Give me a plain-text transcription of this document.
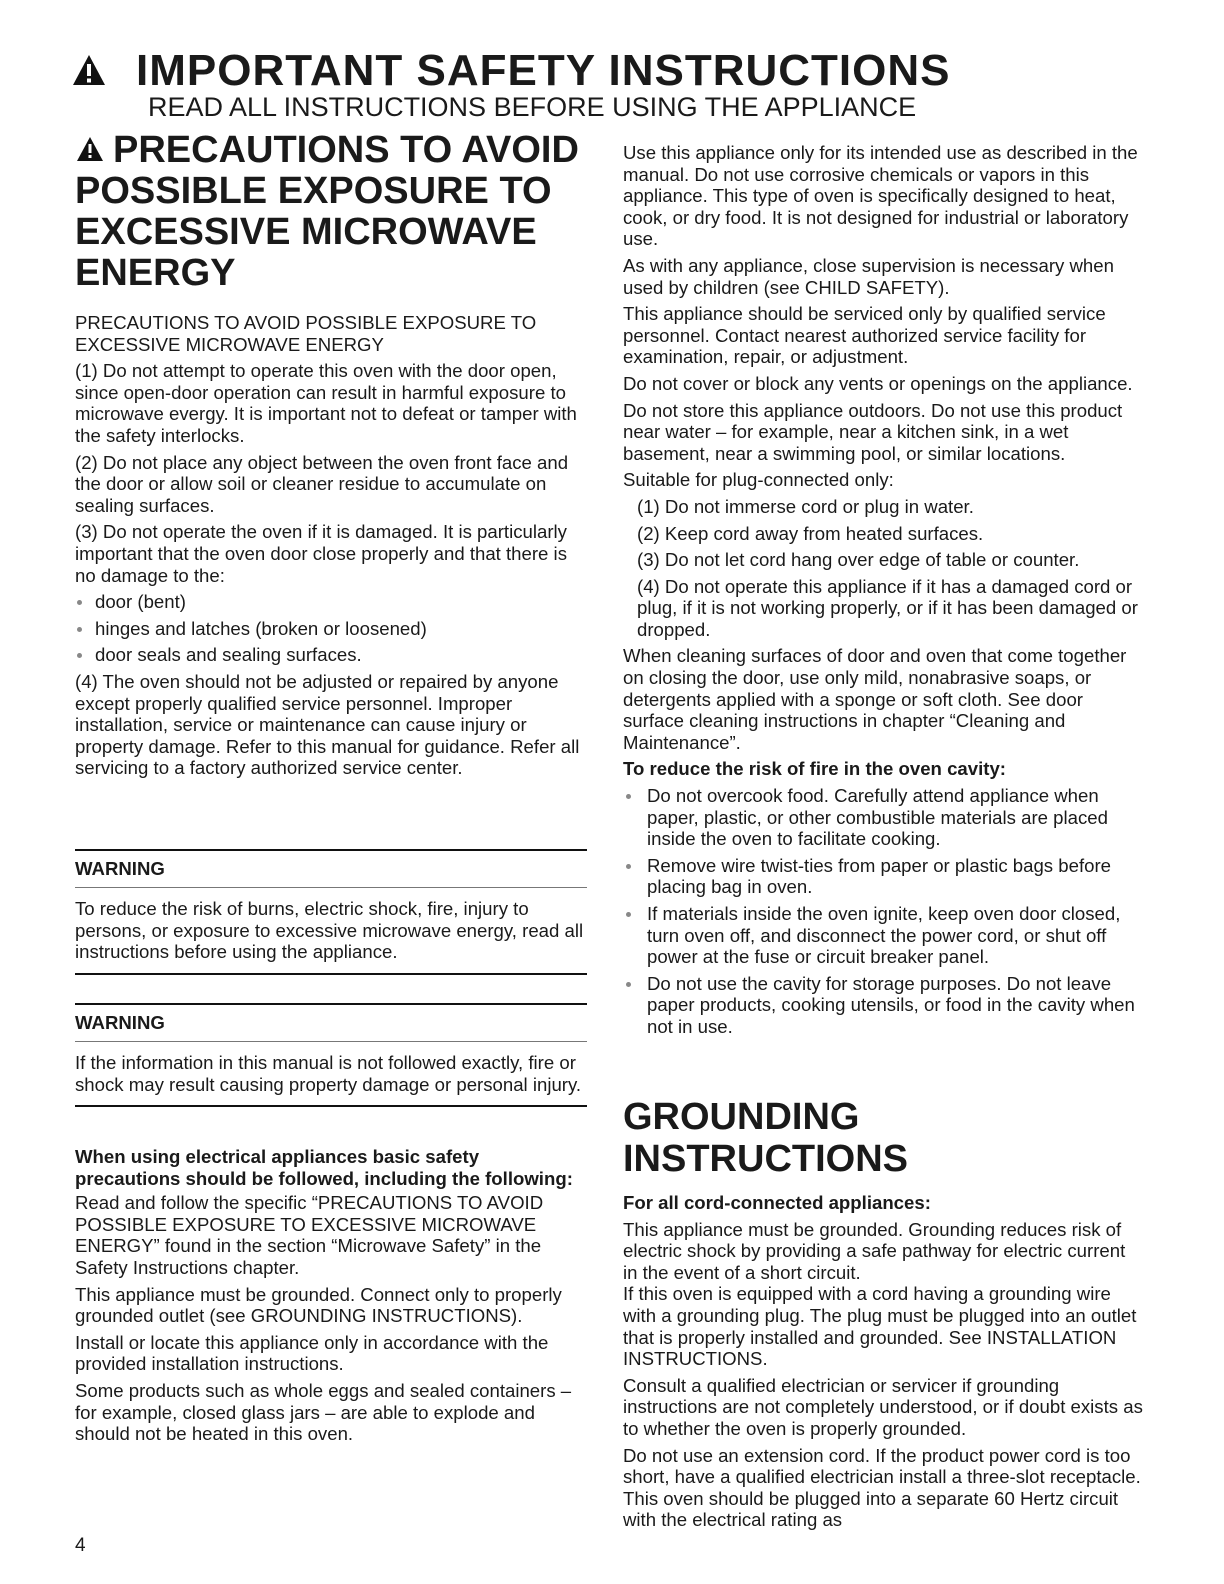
IMPORTANT SAFETY INSTRUCTIONS
READ ALL INSTRUCTIONS BEFORE USING THE APPLIANCE
PRECAUTIONS TO AVOID POSSIBLE EXPOSURE TO EXCESSIVE MICROWAVE ENERGY

PRECAUTIONS TO AVOID POSSIBLE EXPOSURE TO EXCESSIVE MICROWAVE ENERGY

(1) Do not attempt to operate this oven with the door open, since open-door operation can result in harmful exposure to microwave evergy. It is important not to defeat or tamper with the safety interlocks.

(2) Do not place any object between the oven front face and the door or allow soil or cleaner residue to accumulate on sealing surfaces.

(3) Do not operate the oven if it is damaged. It is particularly important that the oven door close properly and that there is no damage to the:

door (bent)
hinges and latches (broken or loosened)
door seals and sealing surfaces.

(4) The oven should not be adjusted or repaired by anyone except properly qualified service personnel. Improper installation, service or maintenance can cause injury or property damage. Refer to this manual for guidance. Refer all servicing to a factory authorized service center.

WARNING
To reduce the risk of burns, electric shock, fire, injury to persons, or exposure to excessive microwave energy, read all instructions before using the appliance.
WARNING
If the information in this manual is not followed exactly, fire or shock may result causing property damage or personal injury.

When using electrical appliances basic safety precautions should be followed, including the following:

Read and follow the specific “PRECAUTIONS TO AVOID POSSIBLE EXPOSURE TO EXCESSIVE MICROWAVE ENERGY” found in the section “Microwave Safety” in the Safety Instructions chapter.

This appliance must be grounded. Connect only to properly grounded outlet (see GROUNDING INSTRUCTIONS).

Install or locate this appliance only in accordance with the provided installation instructions.

Some products such as whole eggs and sealed containers – for example, closed glass jars – are able to explode and should not be heated in this oven.

Use this appliance only for its intended use as described in the manual. Do not use corrosive chemicals or vapors in this appliance. This type of oven is specifically designed to heat, cook, or dry food. It is not designed for industrial or laboratory use.

As with any appliance, close supervision is necessary when used by children (see CHILD SAFETY).

This appliance should be serviced only by qualified service personnel. Contact nearest authorized service facility for examination, repair, or adjustment.

Do not cover or block any vents or openings on the appliance.

Do not store this appliance outdoors. Do not use this product near water – for example, near a kitchen sink, in a wet basement, near a swimming pool, or similar locations.

Suitable for plug-connected only:

(1) Do not immerse cord or plug in water.

(2) Keep cord away from heated surfaces.

(3) Do not let cord hang over edge of table or counter.

(4) Do not operate this appliance if it has a damaged cord or plug, if it is not working properly, or if it has been damaged or dropped.

When cleaning surfaces of door and oven that come together on closing the door, use only mild, nonabrasive soaps, or detergents applied with a sponge or soft cloth. See door surface cleaning instructions in chapter “Cleaning and Maintenance”.

To reduce the risk of fire in the oven cavity:

Do not overcook food. Carefully attend appliance when paper, plastic, or other combustible materials are placed inside the oven to facilitate cooking.
Remove wire twist-ties from paper or plastic bags before placing bag in oven.
If materials inside the oven ignite, keep oven door closed, turn oven off, and disconnect the power cord, or shut off power at the fuse or circuit breaker panel.
Do not use the cavity for storage purposes. Do not leave paper products, cooking utensils, or food in the cavity when not in use.
GROUNDING INSTRUCTIONS

For all cord-connected appliances:

This appliance must be grounded. Grounding reduces risk of electric shock by providing a safe pathway for electric current in the event of a short circuit.

If this oven is equipped with a cord having a grounding wire with a grounding plug. The plug must be plugged into an outlet that is properly installed and grounded. See INSTALLATION INSTRUCTIONS.

Consult a qualified electrician or servicer if grounding instructions are not completely understood, or if doubt exists as to whether the oven is properly grounded.

Do not use an extension cord. If the product power cord is too short, have a qualified electrician install a three-slot receptacle. This oven should be plugged into a separate 60 Hertz circuit with the electrical rating as

4
